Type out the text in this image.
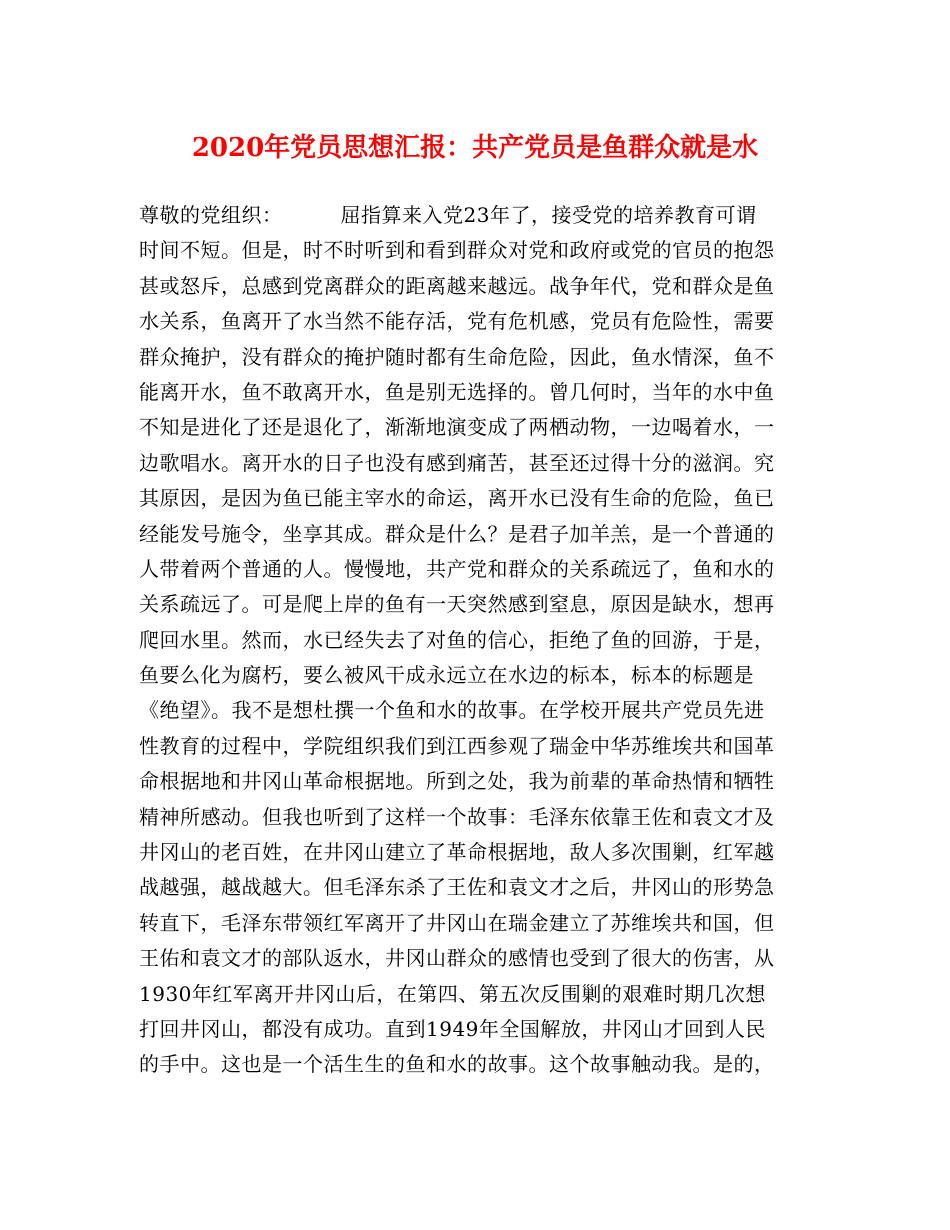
2020年党员思想汇报：共产党员是鱼群众就是水
尊敬的党组织：	屈指算来入党23年了，接受党的培养教育可谓
时间不短。但是，时不时听到和看到群众对党和政府或党的官员的抱怨
甚或怒斥，总感到党离群众的距离越来越远。战争年代，党和群众是鱼
水关系，鱼离开了水当然不能存活，党有危机感，党员有危险性，需要
群众掩护，没有群众的掩护随时都有生命危险，因此，鱼水情深，鱼不
能离开水，鱼不敢离开水，鱼是别无选择的。曾几何时，当年的水中鱼
不知是进化了还是退化了，渐渐地演变成了两栖动物，一边喝着水，一
边歌唱水。离开水的日子也没有感到痛苦，甚至还过得十分的滋润。究
其原因，是因为鱼已能主宰水的命运，离开水已没有生命的危险，鱼已
经能发号施令，坐享其成。群众是什么？是君子加羊羔，是一个普通的
人带着两个普通的人。慢慢地，共产党和群众的关系疏远了，鱼和水的
关系疏远了。可是爬上岸的鱼有一天突然感到窒息，原因是缺水，想再
爬回水里。然而，水已经失去了对鱼的信心，拒绝了鱼的回游，于是，
鱼要么化为腐朽，要么被风干成永远立在水边的标本，标本的标题是
《绝望》。我不是想杜撰一个鱼和水的故事。在学校开展共产党员先进
性教育的过程中，学院组织我们到江西参观了瑞金中华苏维埃共和国革
命根据地和井冈山革命根据地。所到之处，我为前辈的革命热情和牺牲
精神所感动。但我也听到了这样一个故事：毛泽东依靠王佐和袁文才及
井冈山的老百姓，在井冈山建立了革命根据地，敌人多次围剿，红军越
战越强，越战越大。但毛泽东杀了王佐和袁文才之后，井冈山的形势急
转直下，毛泽东带领红军离开了井冈山在瑞金建立了苏维埃共和国，但
王佑和袁文才的部队返水，井冈山群众的感情也受到了很大的伤害，从
1930年红军离开井冈山后，在第四、第五次反围剿的艰难时期几次想
打回井冈山，都没有成功。直到1949年全国解放，井冈山才回到人民
的手中。这也是一个活生生的鱼和水的故事。这个故事触动我。是的，
